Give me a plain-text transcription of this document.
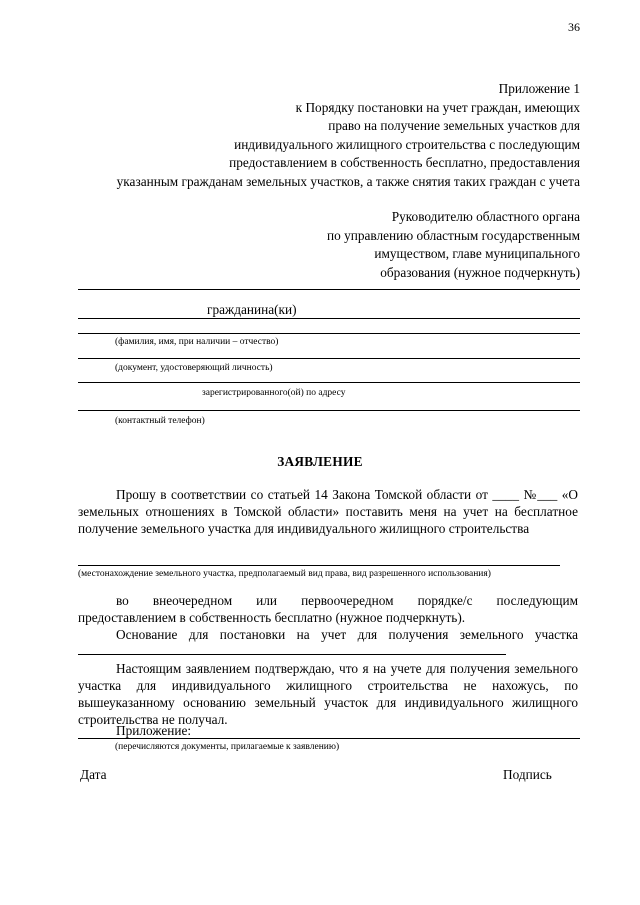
36
Приложение 1
к Порядку постановки на учет граждан, имеющих
право на получение земельных участков для
индивидуального жилищного строительства с последующим
предоставлением в собственность бесплатно, предоставления
указанным гражданам земельных участков, а также снятия таких граждан с учета
Руководителю областного органа
по управлению областным государственным
имуществом, главе муниципального
образования (нужное подчеркнуть)
гражданина(ки)
(фамилия, имя, при наличии – отчество)
(документ, удостоверяющий личность)
зарегистрированного(ой) по адресу
(контактный телефон)
ЗАЯВЛЕНИЕ
Прошу в соответствии со статьей 14 Закона Томской области от ____ №___ «О земельных отношениях в Томской области» поставить меня на учет на бесплатное получение земельного участка для индивидуального жилищного строительства
(местонахождение земельного участка, предполагаемый вид права, вид разрешенного использования)
во внеочередном или первоочередном порядке/с последующим
предоставлением в собственность бесплатно (нужное подчеркнуть).
Основание для постановки на учет для получения земельного участка
Настоящим заявлением подтверждаю, что я на учете для получения земельного участка для индивидуального жилищного строительства не нахожусь, по вышеуказанному основанию земельный участок для индивидуального жилищного строительства не получал.
Приложение:
(перечисляются документы, прилагаемые к заявлению)
Дата	Подпись
